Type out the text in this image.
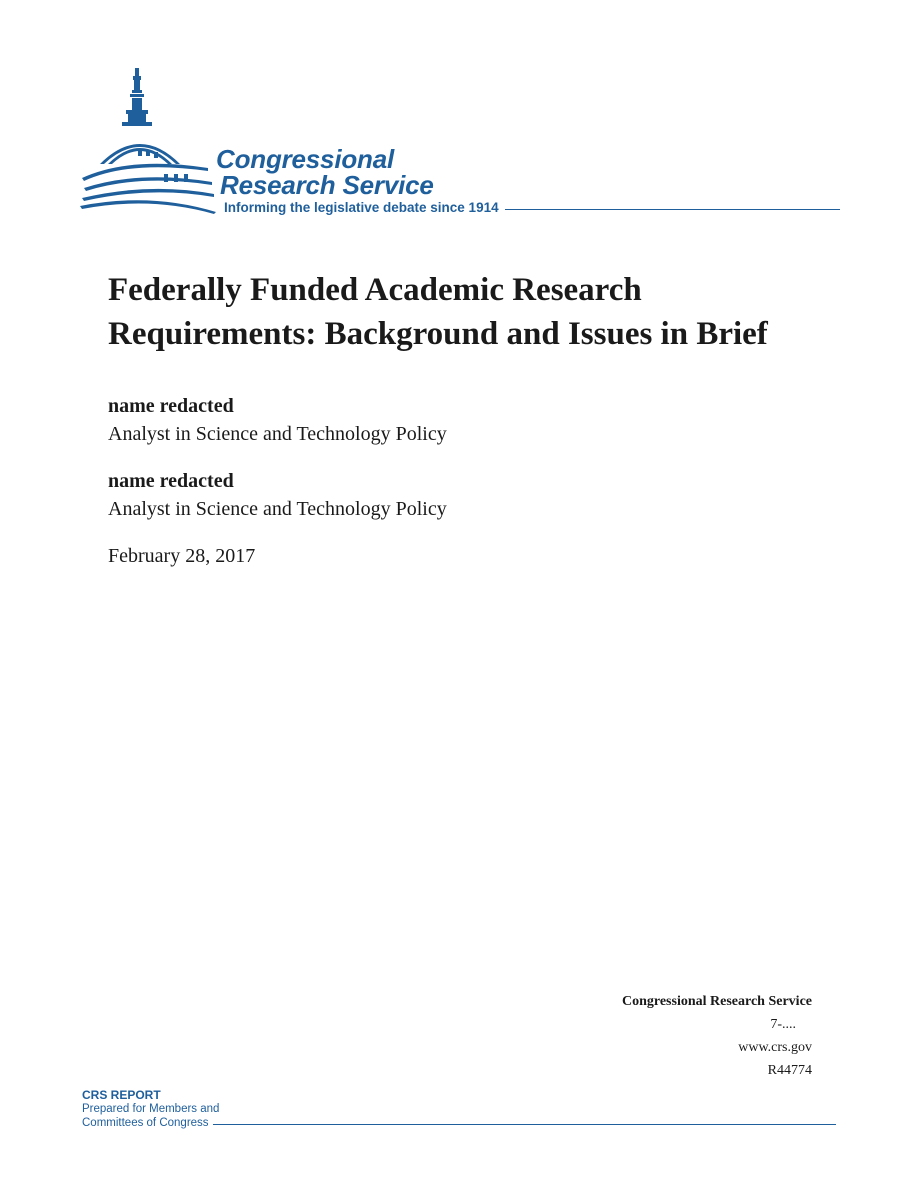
Congressional
Research Service
Informing the legislative debate since 1914
Federally Funded Academic Research
Requirements: Background and Issues in Brief
name redacted
Analyst in Science and Technology Policy
name redacted
Analyst in Science and Technology Policy
February 28, 2017
Congressional Research Service
7-....
www.crs.gov
R44774
CRS REPORT
Prepared for Members and
Committees of Congress
